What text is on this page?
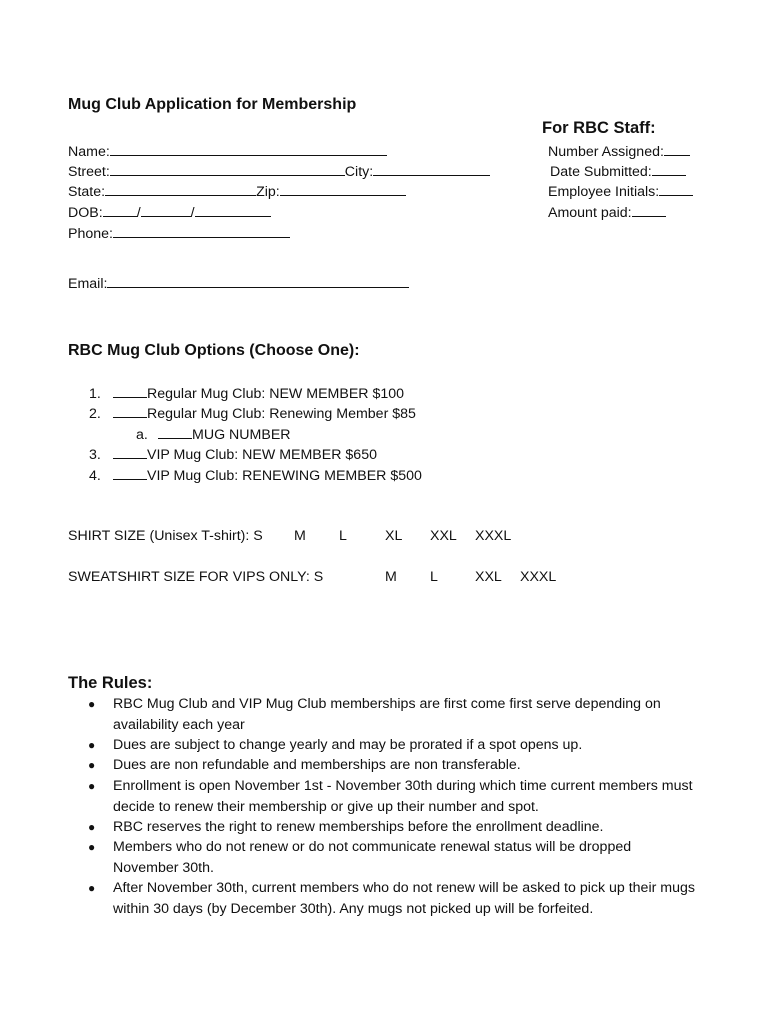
Mug Club Application for Membership
Name:
Street:	City:
State:	Zip:
DOB: /	/
Phone:
Email:
For RBC Staff:
Number Assigned:
Date Submitted:
Employee Initials:
Amount paid:
RBC Mug Club Options (Choose One):
1.	Regular Mug Club: NEW MEMBER $100
2.	Regular Mug Club: Renewing Member $85
a.	MUG NUMBER
3.	VIP Mug Club: NEW MEMBER $650
4.	VIP Mug Club: RENEWING MEMBER $500
SHIRT SIZE (Unisex T-shirt): S M L	XL XXL XXXL
SWEATSHIRT SIZE FOR VIPS ONLY: S	M L	XXL XXXL
The Rules:
● RBC Mug Club and VIP Mug Club memberships are first come first serve depending on availability each year
● Dues are subject to change yearly and may be prorated if a spot opens up.
● Dues are non refundable and memberships are non transferable.
● Enrollment is open November 1st - November 30th during which time current members must decide to renew their membership or give up their number and spot.
● RBC reserves the right to renew memberships before the enrollment deadline.
● Members who do not renew or do not communicate renewal status will be dropped November 30th.
● After November 30th, current members who do not renew will be asked to pick up their mugs within 30 days (by December 30th). Any mugs not picked up will be forfeited.
